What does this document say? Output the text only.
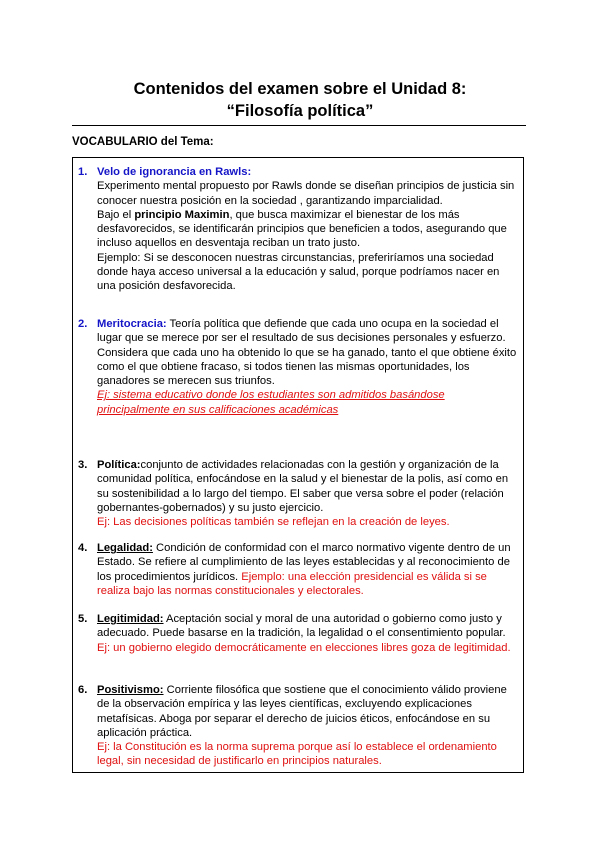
Contenidos del examen sobre el Unidad 8:
“Filosofía política”
VOCABULARIO del Tema:
1. Velo de ignorancia en Rawls:

Experimento mental propuesto por Rawls donde se diseñan principios de justicia sin conocer nuestra posición en la sociedad , garantizando imparcialidad.

Bajo el principio Maximin, que busca maximizar el bienestar de los más desfavorecidos, se identificarán principios que beneficien a todos, asegurando que incluso aquellos en desventaja reciban un trato justo.

Ejemplo: Si se desconocen nuestras circunstancias, preferiríamos una sociedad donde haya acceso universal a la educación y salud, porque podríamos nacer en una posición desfavorecida.

2. Meritocracia: Teoría política que defiende que cada uno ocupa en la sociedad el lugar que se merece por ser el resultado de sus decisiones personales y esfuerzo.

Considera que cada uno ha obtenido lo que se ha ganado, tanto el que obtiene éxito como el que obtiene fracaso, si todos tienen las mismas oportunidades, los ganadores se merecen sus triunfos.

Ej: sistema educativo donde los estudiantes son admitidos basándose principalmente en sus calificaciones académicas

3. Política:conjunto de actividades relacionadas con la gestión y organización de la comunidad política, enfocándose en la salud y el bienestar de la polis, así como en su sostenibilidad a lo largo del tiempo. El saber que versa sobre el poder (relación gobernantes-gobernados) y su justo ejercicio.

Ej: Las decisiones políticas también se reflejan en la creación de leyes.

4. Legalidad: Condición de conformidad con el marco normativo vigente dentro de un Estado. Se refiere al cumplimiento de las leyes establecidas y al reconocimiento de los procedimientos jurídicos. Ejemplo: una elección presidencial es válida si se realiza bajo las normas constitucionales y electorales.

5. Legitimidad: Aceptación social y moral de una autoridad o gobierno como justo y adecuado. Puede basarse en la tradición, la legalidad o el consentimiento popular. Ej: un gobierno elegido democráticamente en elecciones libres goza de legitimidad.

6. Positivismo: Corriente filosófica que sostiene que el conocimiento válido proviene de la observación empírica y las leyes científicas, excluyendo explicaciones metafísicas. Aboga por separar el derecho de juicios éticos, enfocándose en su aplicación práctica.

Ej: la Constitución es la norma suprema porque así lo establece el ordenamiento legal, sin necesidad de justificarlo en principios naturales.
